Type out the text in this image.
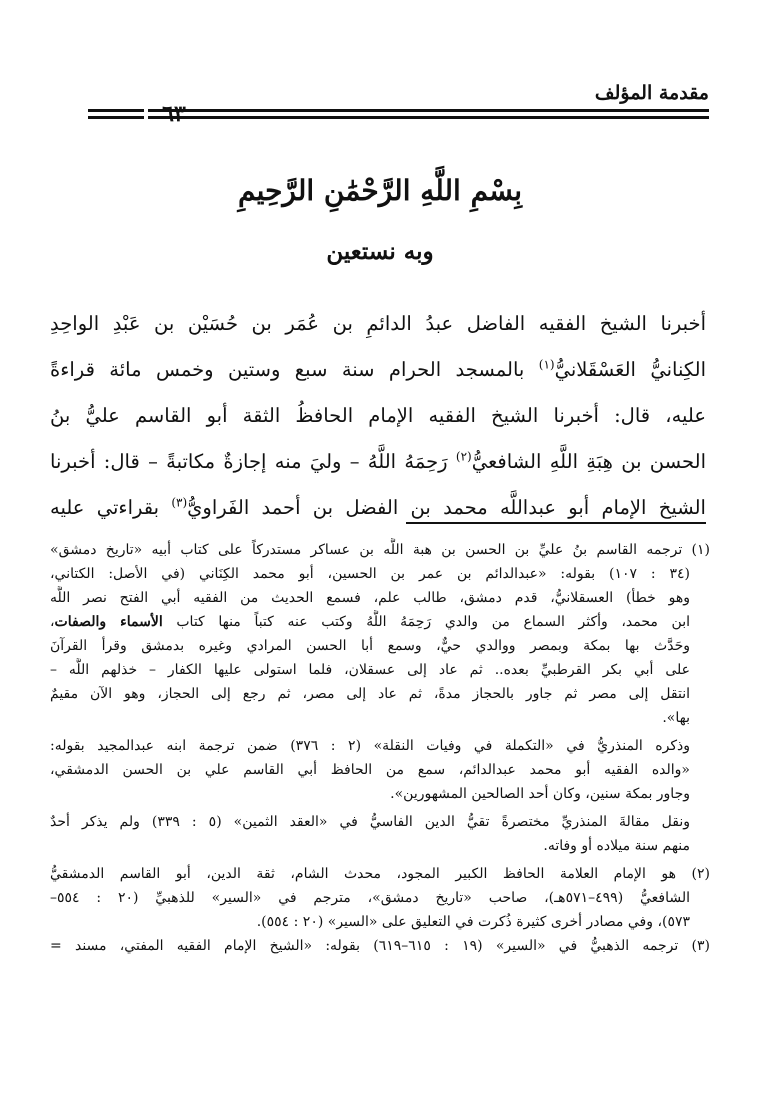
مقدمة المؤلف
٦٣
بِسْمِ اللَّهِ الرَّحْمَٰنِ الرَّحِيمِ
وبه نستعين
أخبرنا الشيخ الفقيه الفاضل عبدُ الدائمِ بن عُمَر بن حُسَيْن بن عَبْدِ الواحِدِ
الكِنانيُّ العَسْقَلانيُّ$^{(١)}$ بالمسجد الحرام سنة سبع وستين وخمس مائة قراءةً
عليه، قال: أخبرنا الشيخ الفقيه الإمام الحافظُ الثقة أبو القاسم عليُّ بنُ
الحسن بن هِبَةِ اللَّهِ الشافعيُّ$^{(٢)}$ رَحِمَهُ اللَّهُ – وليَ منه إجازةٌ مكاتبةً – قال: أخبرنا
الشيخ الإمام أبو عبداللَّه محمد بن الفضل بن أحمد الفَراويُّ$^{(٣)}$ بقراءتي عليه
(١) ترجمه القاسم بنُ عليِّ بن الحسن بن هبة اللَّه بن عساكر مستدركاً على كتاب أبيه «تاريخ دمشق»
(٣٤ : ١٠٧) بقوله: «عبدالدائم بن عمر بن الحسين، أبو محمد الكِنَاني (في الأصل: الكتاني،
وهو خطأ) العسقلانيُّ، قدم دمشق، طالب علم، فسمع الحديث من الفقيه أبي الفتح نصر اللَّه
ابن محمد، وأكثر السماع من والدي رَحِمَهُ اللَّهُ وكتب عنه كتباً منها كتاب الأسماء والصفات،
وحَدَّث بها بمكة وبمصر ووالدي حيٌّ، وسمع أبا الحسن المرادي وغيره بدمشق وقرأ القرآنَ
على أبي بكر القرطبيِّ بعده.. ثم عاد إلى عسقلان، فلما استولى عليها الكفار – خذلهم اللَّه –
انتقل إلى مصر ثم جاور بالحجاز مدةً، ثم عاد إلى مصر، ثم رجع إلى الحجاز، وهو الآن مقيمٌ
بها».
وذكره المنذريُّ في «التكملة في وفيات النقلة» (٢ : ٣٧٦) ضمن ترجمة ابنه عبدالمجيد بقوله:
«والده الفقيه أبو محمد عبدالدائم، سمع من الحافظ أبي القاسم علي بن الحسن الدمشقي،
وجاور بمكة سنين، وكان أحد الصالحين المشهورين».
ونقل مقالةَ المنذريِّ مختصرةً تقيُّ الدين الفاسيُّ في «العقد الثمين» (٥ : ٣٣٩) ولم يذكر أحدٌ
منهم سنة ميلاده أو وفاته.
(٢) هو الإمام العلامة الحافظ الكبير المجود، محدث الشام، ثقة الدين، أبو القاسم الدمشقيُّ
الشافعيُّ (٤٩٩–٥٧١هـ)، صاحب «تاريخ دمشق»، مترجم في «السير» للذهبيِّ (٢٠ : ٥٥٤–
٥٧٣)، وفي مصادر أخرى كثيرة ذُكرت في التعليق على «السير» (٢٠ : ٥٥٤).
(٣) ترجمه الذهبيُّ في «السير» (١٩ : ٦١٥–٦١٩) بقوله: «الشيخ الإمام الفقيه المفتي، مسند =
